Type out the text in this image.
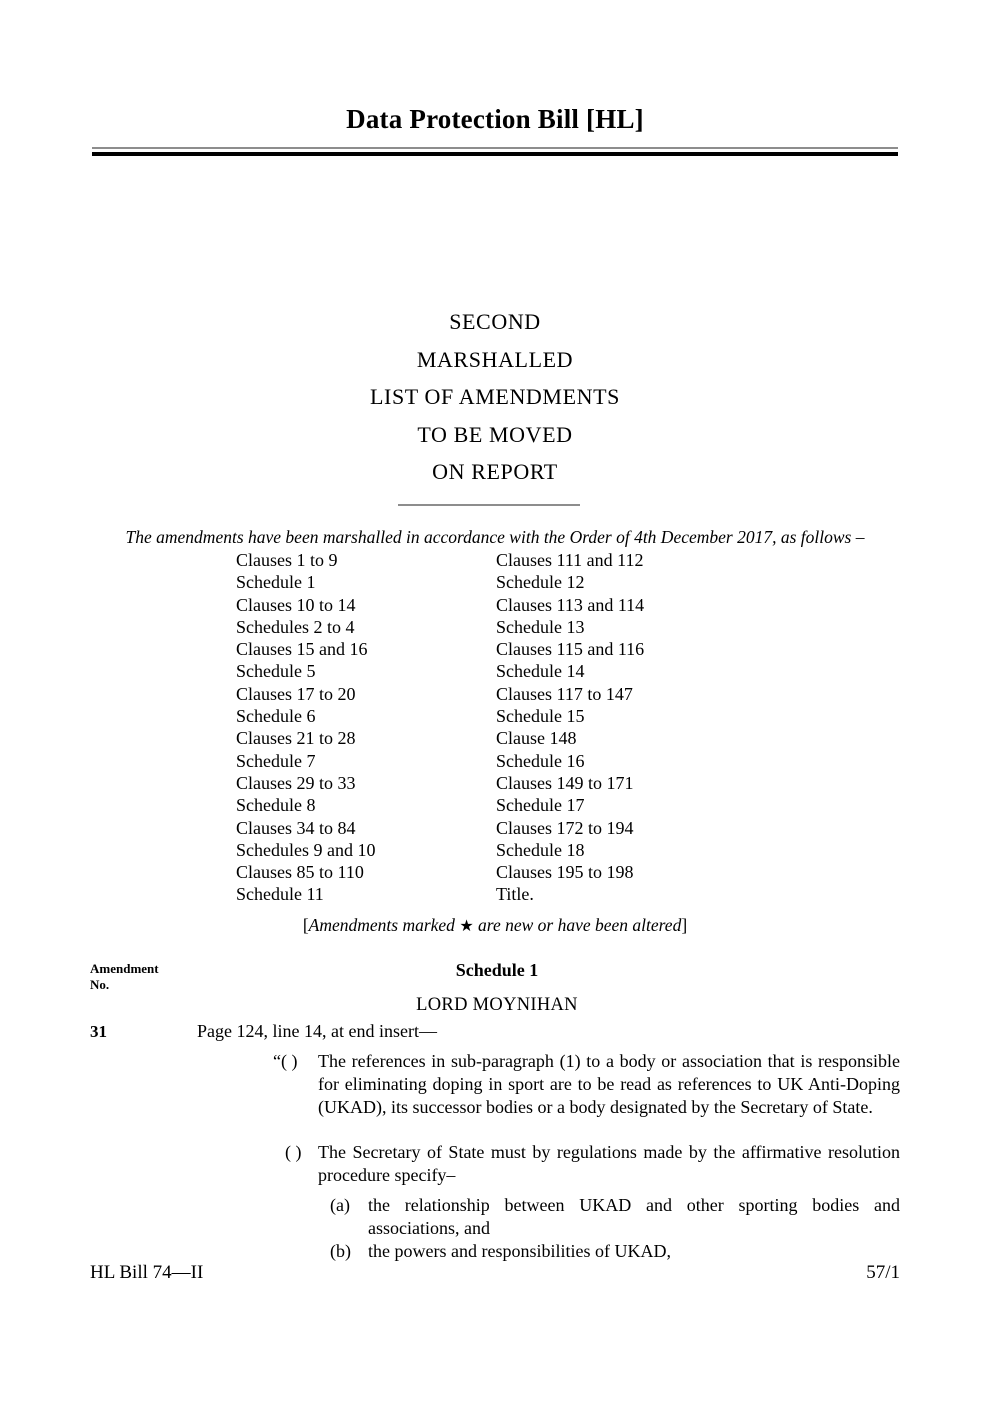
Data Protection Bill [HL]
SECOND
MARSHALLED
LIST OF AMENDMENTS
TO BE MOVED
ON REPORT
The amendments have been marshalled in accordance with the Order of 4th December 2017, as follows –
Clauses 1 to 9	Clauses 111 and 112
Schedule 1	Schedule 12
Clauses 10 to 14	Clauses 113 and 114
Schedules 2 to 4	Schedule 13
Clauses 15 and 16	Clauses 115 and 116
Schedule 5	Schedule 14
Clauses 17 to 20	Clauses 117 to 147
Schedule 6	Schedule 15
Clauses 21 to 28	Clause 148
Schedule 7	Schedule 16
Clauses 29 to 33	Clauses 149 to 171
Schedule 8	Schedule 17
Clauses 34 to 84	Clauses 172 to 194
Schedules 9 and 10	Schedule 18
Clauses 85 to 110	Clauses 195 to 198
Schedule 11	Title.
[Amendments marked ★ are new or have been altered]
Amendment
No.
Schedule 1
LORD MOYNIHAN
31	Page 124, line 14, at end insert—
“( )	The references in sub-paragraph (1) to a body or association that is responsible for eliminating doping in sport are to be read as references to UK Anti-Doping (UKAD), its successor bodies or a body designated by the Secretary of State.
( ) The Secretary of State must by regulations made by the affirmative resolution procedure specify–
(a)	the relationship between UKAD and other sporting bodies and associations, and
(b) the powers and responsibilities of UKAD,
HL Bill 74—II	57/1
